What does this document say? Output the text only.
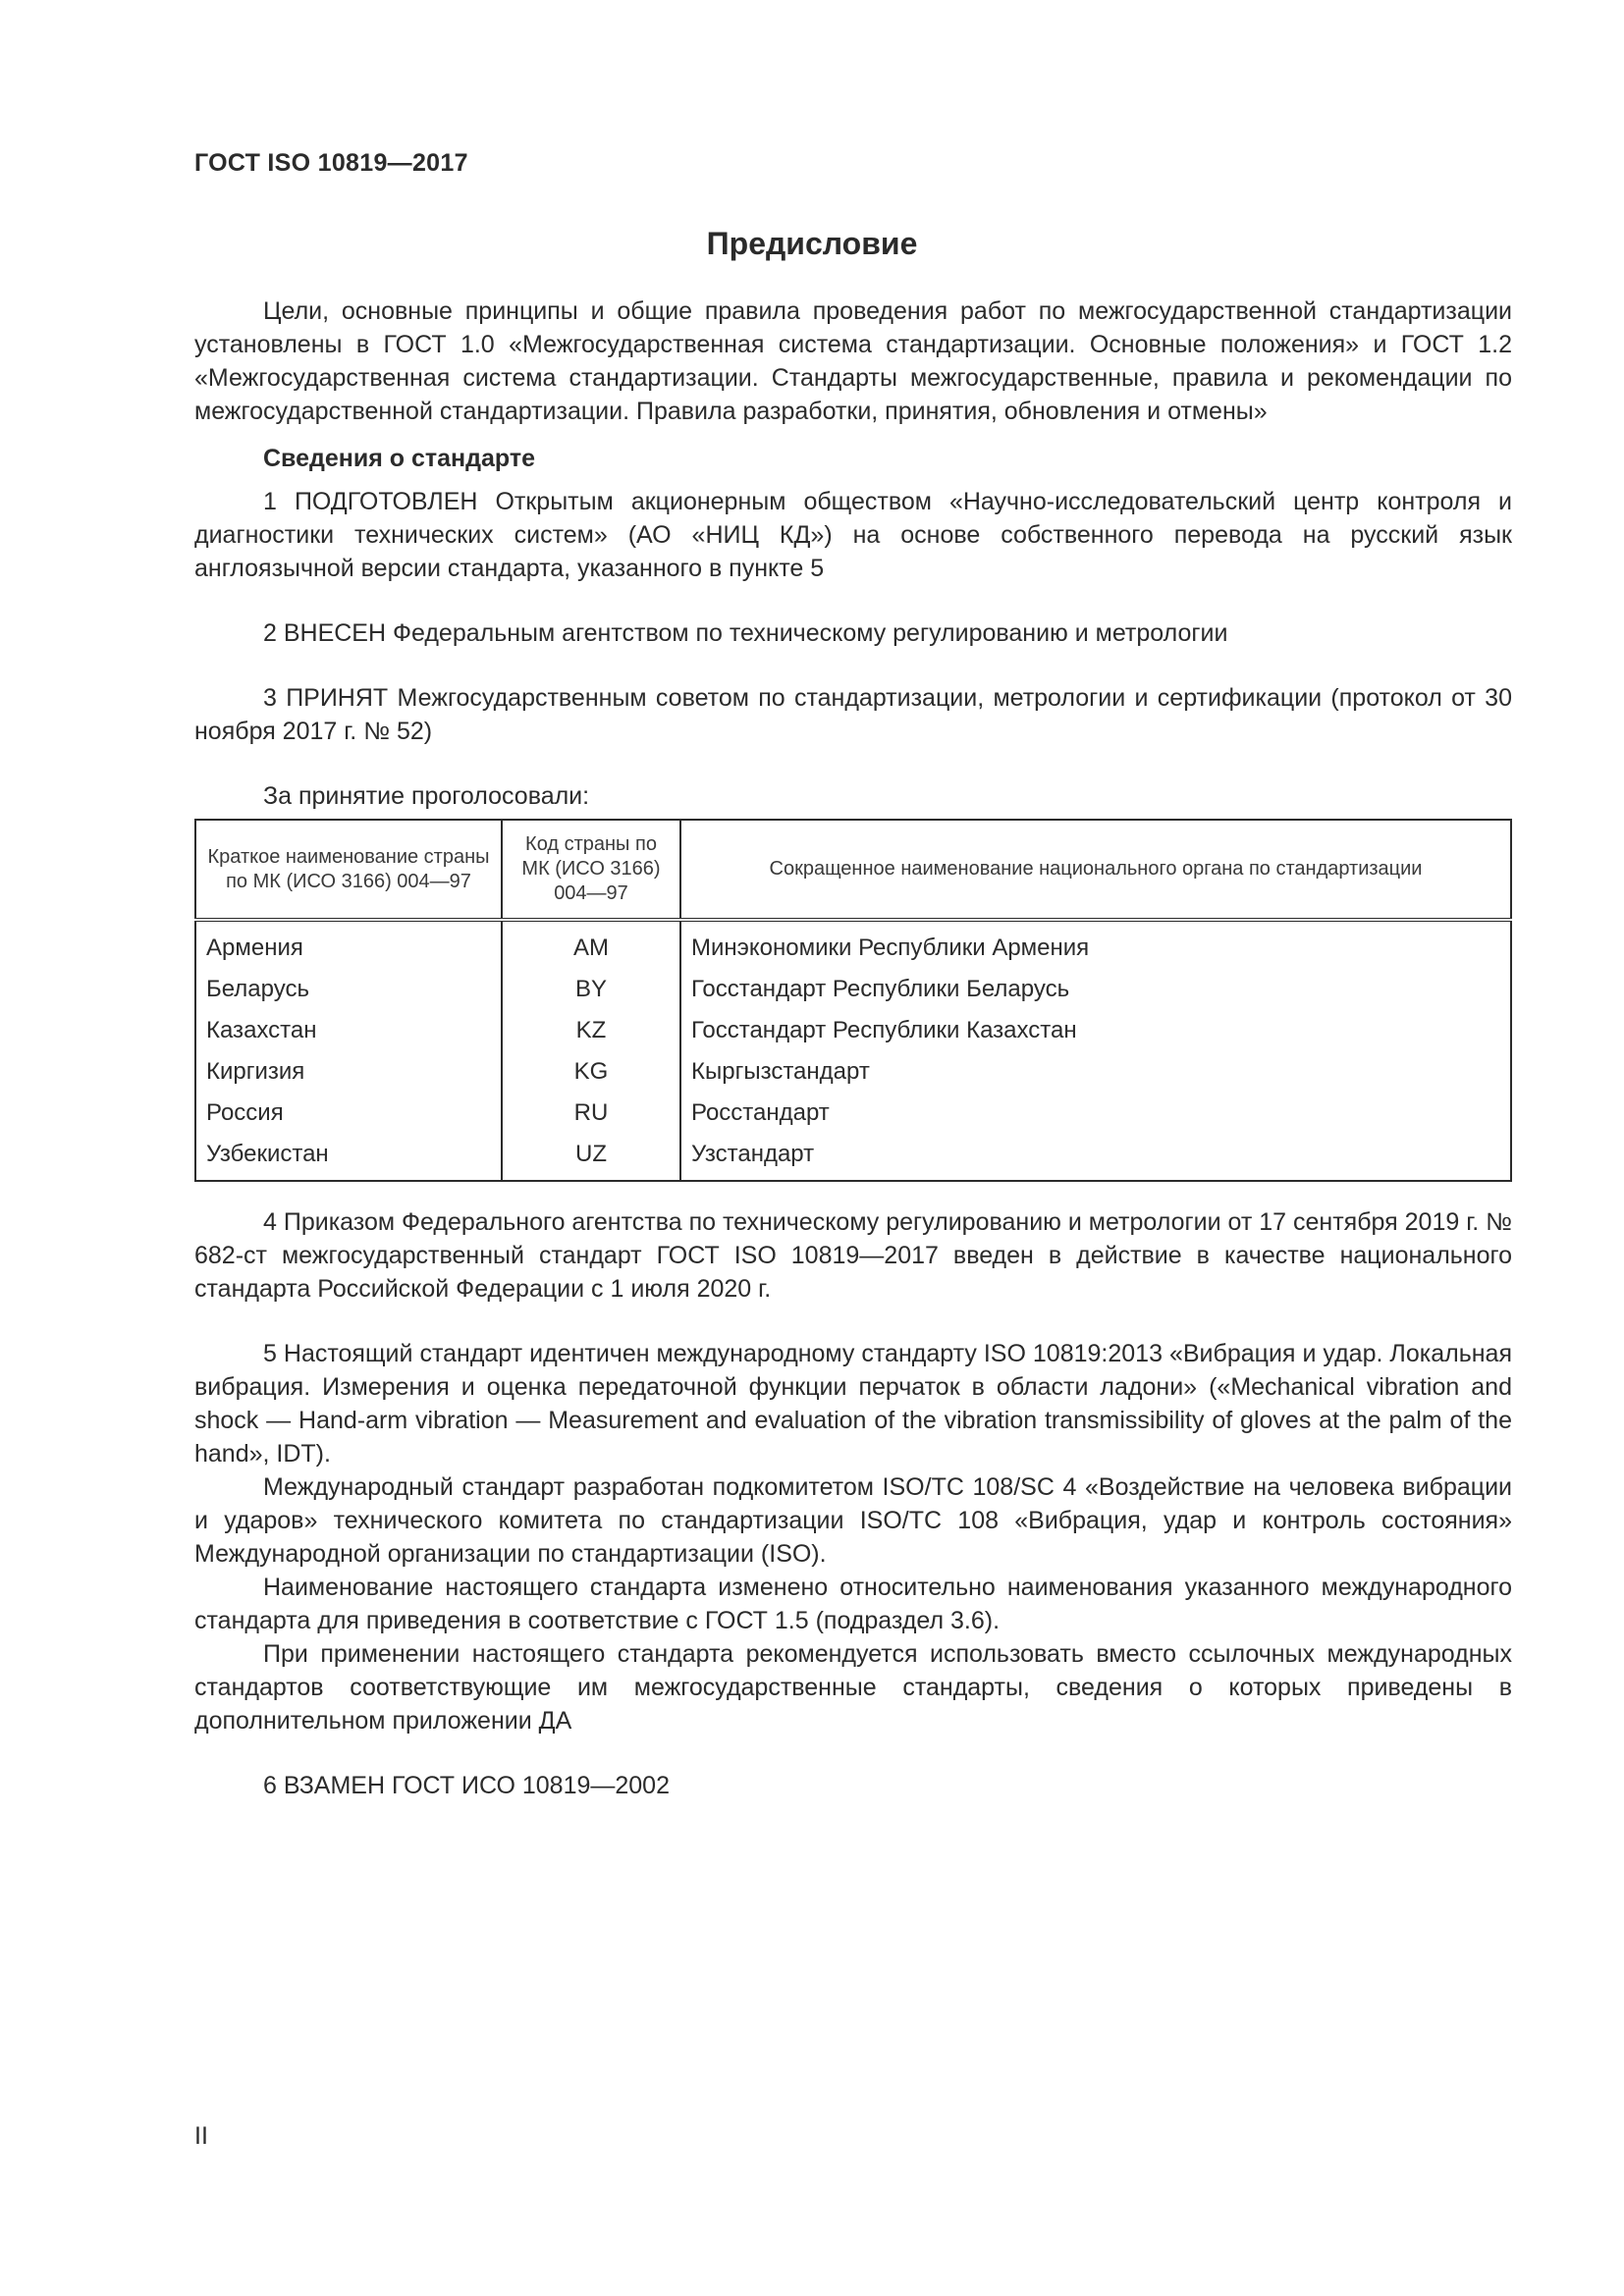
ГОСТ ISO 10819—2017
Предисловие

Цели, основные принципы и общие правила проведения работ по межгосударственной стандартизации установлены в ГОСТ 1.0 «Межгосударственная система стандартизации. Основные положения» и ГОСТ 1.2 «Межгосударственная система стандартизации. Стандарты межгосударственные, правила и рекомендации по межгосударственной стандартизации. Правила разработки, принятия, обновления и отмены»

Сведения о стандарте

1 ПОДГОТОВЛЕН Открытым акционерным обществом «Научно-исследовательский центр контроля и диагностики технических систем» (АО «НИЦ КД») на основе собственного перевода на русский язык англоязычной версии стандарта, указанного в пункте 5

2 ВНЕСЕН Федеральным агентством по техническому регулированию и метрологии

3 ПРИНЯТ Межгосударственным советом по стандартизации, метрологии и сертификации (протокол от 30 ноября 2017 г. № 52)

За принятие проголосовали:

Краткое наименование страны по МК (ИСО 3166) 004—97	Код страны по МК (ИСО 3166) 004—97	Сокращенное наименование национального органа по стандартизации
Армения	AM	Минэкономики Республики Армения
Беларусь	BY	Госстандарт Республики Беларусь
Казахстан	KZ	Госстандарт Республики Казахстан
Киргизия	KG	Кыргызстандарт
Россия	RU	Росстандарт
Узбекистан	UZ	Узстандарт

4 Приказом Федерального агентства по техническому регулированию и метрологии от 17 сентября 2019 г. № 682-ст межгосударственный стандарт ГОСТ ISO 10819—2017 введен в действие в качестве национального стандарта Российской Федерации с 1 июля 2020 г.

5 Настоящий стандарт идентичен международному стандарту ISO 10819:2013 «Вибрация и удар. Локальная вибрация. Измерения и оценка передаточной функции перчаток в области ладони» («Mechanical vibration and shock — Hand-arm vibration — Measurement and evaluation of the vibration transmissibility of gloves at the palm of the hand», IDT).

Международный стандарт разработан подкомитетом ISO/TC 108/SC 4 «Воздействие на человека вибрации и ударов» технического комитета по стандартизации ISO/TC 108 «Вибрация, удар и контроль состояния» Международной организации по стандартизации (ISO).

Наименование настоящего стандарта изменено относительно наименования указанного международного стандарта для приведения в соответствие с ГОСТ 1.5 (подраздел 3.6).

При применении настоящего стандарта рекомендуется использовать вместо ссылочных международных стандартов соответствующие им межгосударственные стандарты, сведения о которых приведены в дополнительном приложении ДА

6 ВЗАМЕН ГОСТ ИСО 10819—2002

II
